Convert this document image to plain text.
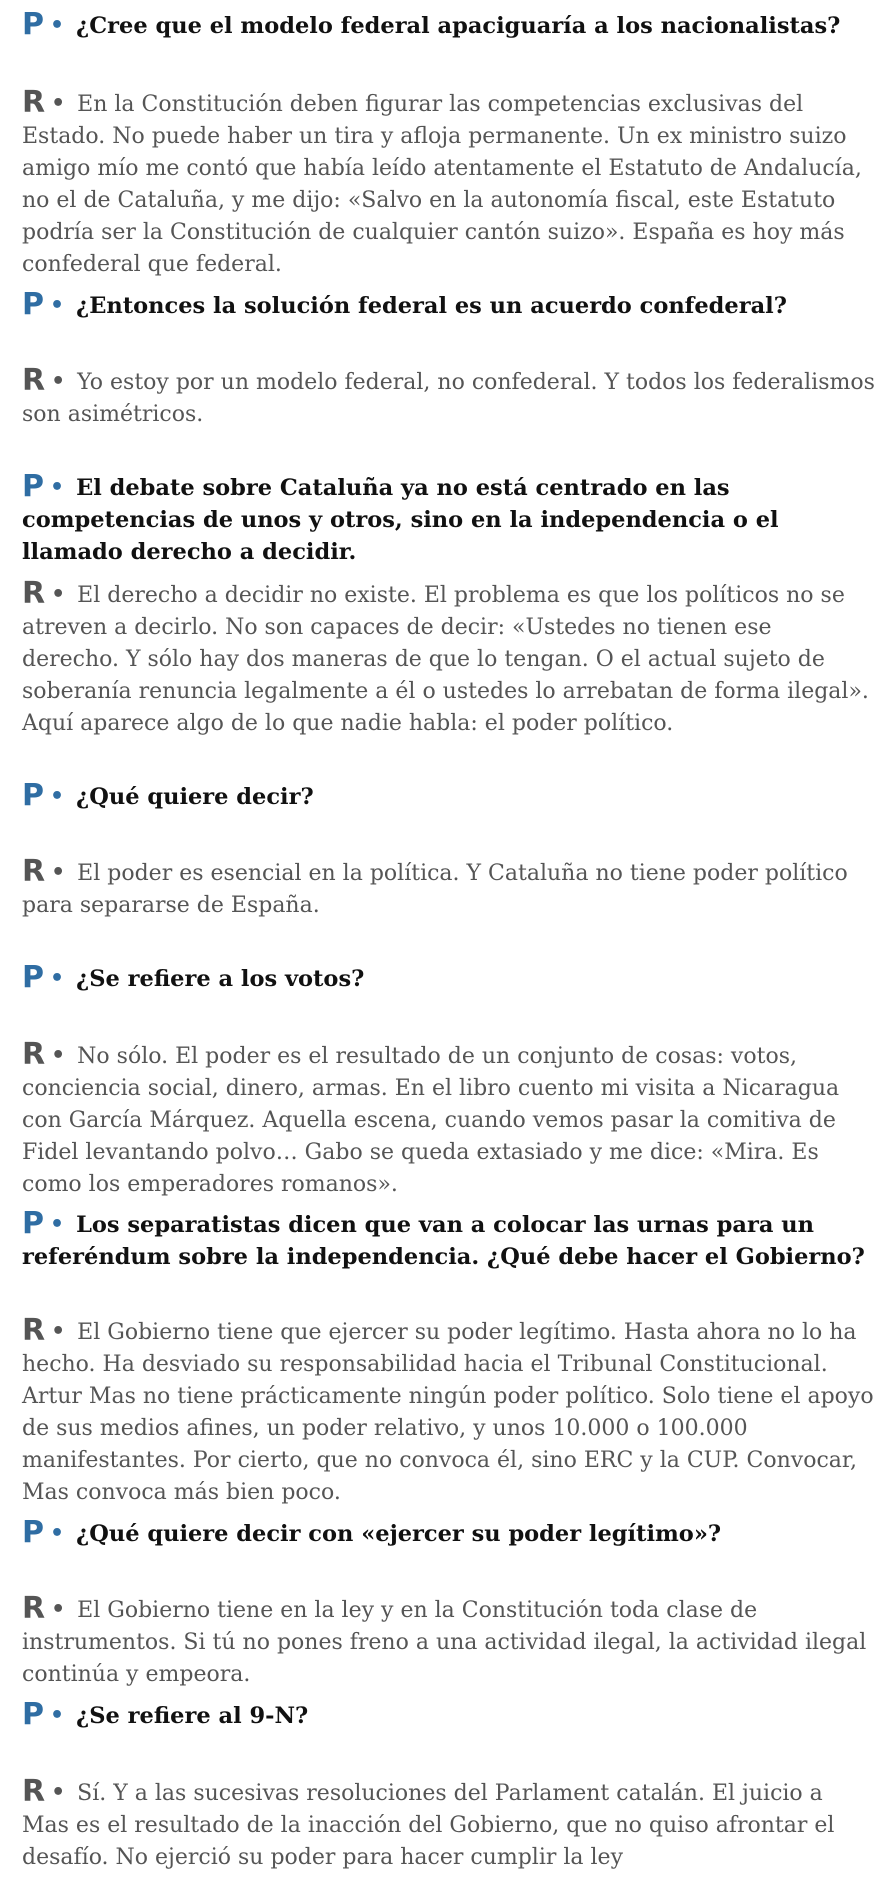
P • ¿Cree que el modelo federal apaciguaría a los nacionalistas?

R • En la Constitución deben figurar las competencias exclusivas del Estado. No puede haber un tira y afloja permanente. Un ex ministro suizo amigo mío me contó que había leído atentamente el Estatuto de Andalucía, no el de Cataluña, y me dijo: «Salvo en la autonomía fiscal, este Estatuto podría ser la Constitución de cualquier cantón suizo». España es hoy más confederal que federal.

P • ¿Entonces la solución federal es un acuerdo confederal?

R • Yo estoy por un modelo federal, no confederal. Y todos los federalismos son asimétricos.

P • El debate sobre Cataluña ya no está centrado en las competencias de unos y otros, sino en la independencia o el llamado derecho a decidir.

R • El derecho a decidir no existe. El problema es que los políticos no se atreven a decirlo. No son capaces de decir: «Ustedes no tienen ese derecho. Y sólo hay dos maneras de que lo tengan. O el actual sujeto de soberanía renuncia legalmente a él o ustedes lo arrebatan de forma ilegal». Aquí aparece algo de lo que nadie habla: el poder político.

P • ¿Qué quiere decir?

R • El poder es esencial en la política. Y Cataluña no tiene poder político para separarse de España.

P • ¿Se refiere a los votos?

R • No sólo. El poder es el resultado de un conjunto de cosas: votos, conciencia social, dinero, armas. En el libro cuento mi visita a Nicaragua con García Márquez. Aquella escena, cuando vemos pasar la comitiva de Fidel levantando polvo… Gabo se queda extasiado y me dice: «Mira. Es como los emperadores romanos».

P • Los separatistas dicen que van a colocar las urnas para un referéndum sobre la independencia. ¿Qué debe hacer el Gobierno?

R • El Gobierno tiene que ejercer su poder legítimo. Hasta ahora no lo ha hecho. Ha desviado su responsabilidad hacia el Tribunal Constitucional. Artur Mas no tiene prácticamente ningún poder político. Solo tiene el apoyo de sus medios afines, un poder relativo, y unos 10.000 o 100.000 manifestantes. Por cierto, que no convoca él, sino ERC y la CUP. Convocar, Mas convoca más bien poco.

P • ¿Qué quiere decir con «ejercer su poder legítimo»?

R • El Gobierno tiene en la ley y en la Constitución toda clase de instrumentos. Si tú no pones freno a una actividad ilegal, la actividad ilegal continúa y empeora.

P • ¿Se refiere al 9-N?

R • Sí. Y a las sucesivas resoluciones del Parlament catalán. El juicio a Mas es el resultado de la inacción del Gobierno, que no quiso afrontar el desafío. No ejerció su poder para hacer cumplir la ley
